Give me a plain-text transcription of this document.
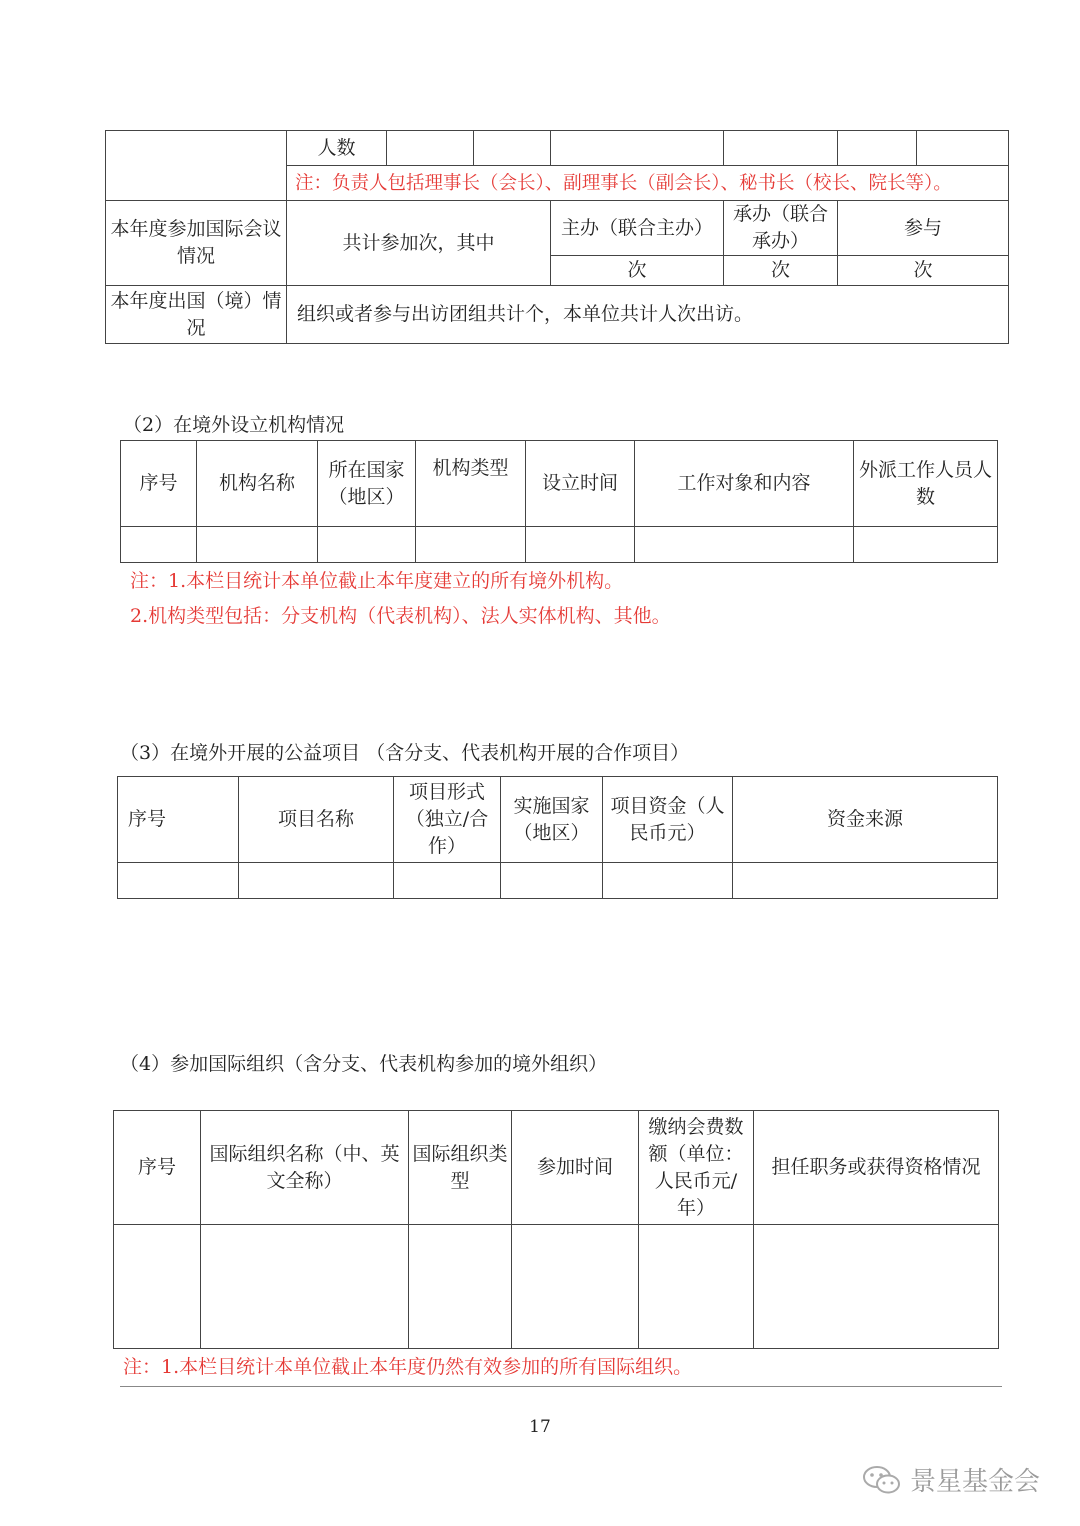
	人数						
	注：负责人包括理事长（会长）、副理事长（副会长）、秘书长（校长、院长等）。						
本年度参加国际会议情况	共计参加次，其中			主办（联合主办）	承办（联合承办）	参与	
				次	次	次	
本年度出国（境）情况	组织或者参与出访团组共计个，本单位共计人次出访。						
（2）在境外设立机构情况
序号	机构名称	所在国家（地区）	机构类型	设立时间	工作对象和内容	外派工作人员人数

注：1.本栏目统计本单位截止本年度建立的所有境外机构。
2.机构类型包括：分支机构（代表机构）、法人实体机构、其他。
（3）在境外开展的公益项目 （含分支、代表机构开展的合作项目）
序号	项目名称	项目形式（独立/合作）	实施国家（地区）	项目资金（人民币元）	资金来源

（4）参加国际组织（含分支、代表机构参加的境外组织）
序号	国际组织名称（中、英文全称）	国际组织类型	参加时间	缴纳会费数额（单位：人民币元/年）	担任职务或获得资格情况

注：1.本栏目统计本单位截止本年度仍然有效参加的所有国际组织。
17
景星基金会
